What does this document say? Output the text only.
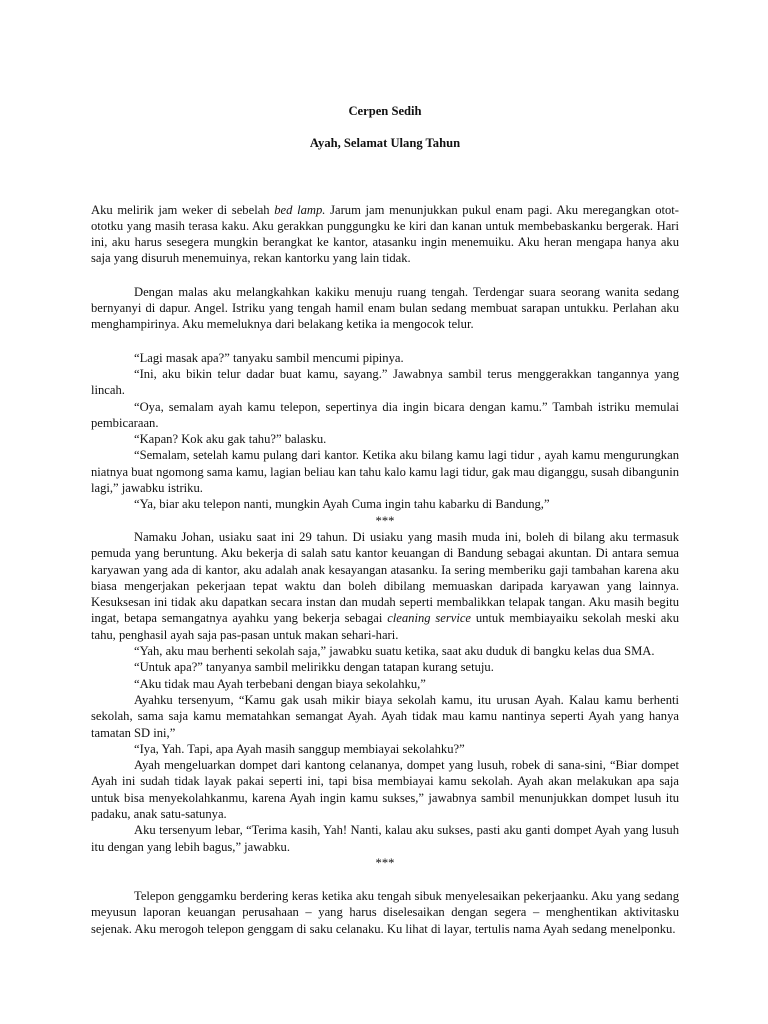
Cerpen Sedih

Ayah, Selamat Ulang Tahun

Aku melirik jam weker di sebelah bed lamp. Jarum jam menunjukkan pukul enam pagi. Aku meregangkan otot-ototku yang masih terasa kaku. Aku gerakkan punggungku ke kiri dan kanan untuk membebaskanku bergerak. Hari ini, aku harus sesegera mungkin berangkat ke kantor, atasanku ingin menemuiku. Aku heran mengapa hanya aku saja yang disuruh menemuinya, rekan kantorku yang lain tidak.

Dengan malas aku melangkahkan kakiku menuju ruang tengah. Terdengar suara seorang wanita sedang bernyanyi di dapur. Angel. Istriku yang tengah hamil enam bulan sedang membuat sarapan untukku. Perlahan aku menghampirinya. Aku memeluknya dari belakang ketika ia mengocok telur.

“Lagi masak apa?” tanyaku sambil mencumi pipinya.

“Ini, aku bikin telur dadar buat kamu, sayang.” Jawabnya sambil terus menggerakkan tangannya yang lincah.

“Oya, semalam ayah kamu telepon, sepertinya dia ingin bicara dengan kamu.” Tambah istriku memulai pembicaraan.

“Kapan? Kok aku gak tahu?” balasku.

“Semalam, setelah kamu pulang dari kantor. Ketika aku bilang kamu lagi tidur , ayah kamu mengurungkan niatnya buat ngomong sama kamu, lagian beliau kan tahu kalo kamu lagi tidur, gak mau diganggu, susah dibangunin lagi,” jawabku istriku.

“Ya, biar aku telepon nanti, mungkin Ayah Cuma ingin tahu kabarku di Bandung,”

***

Namaku Johan, usiaku saat ini 29 tahun. Di usiaku yang masih muda ini, boleh di bilang aku termasuk pemuda yang beruntung. Aku bekerja di salah satu kantor keuangan di Bandung sebagai akuntan. Di antara semua karyawan yang ada di kantor, aku adalah anak kesayangan atasanku. Ia sering memberiku gaji tambahan karena aku biasa mengerjakan pekerjaan tepat waktu dan boleh dibilang memuaskan daripada karyawan yang lainnya. Kesuksesan ini tidak aku dapatkan secara instan dan mudah seperti membalikkan telapak tangan. Aku masih begitu ingat, betapa semangatnya ayahku yang bekerja sebagai cleaning service untuk membiayaiku sekolah meski aku tahu, penghasil ayah saja pas-pasan untuk makan sehari-hari.

“Yah, aku mau berhenti sekolah saja,” jawabku suatu ketika, saat aku duduk di bangku kelas dua SMA.

“Untuk apa?” tanyanya sambil melirikku dengan tatapan kurang setuju.

“Aku tidak mau Ayah terbebani dengan biaya sekolahku,”

Ayahku tersenyum, “Kamu gak usah mikir biaya sekolah kamu, itu urusan Ayah. Kalau kamu berhenti sekolah, sama saja kamu mematahkan semangat Ayah. Ayah tidak mau kamu nantinya seperti Ayah yang hanya tamatan SD ini,”

“Iya, Yah. Tapi, apa Ayah masih sanggup membiayai sekolahku?”

Ayah mengeluarkan dompet dari kantong celananya, dompet yang lusuh, robek di sana-sini, “Biar dompet Ayah ini sudah tidak layak pakai seperti ini, tapi bisa membiayai kamu sekolah. Ayah akan melakukan apa saja untuk bisa menyekolahkanmu, karena Ayah ingin kamu sukses,” jawabnya sambil menunjukkan dompet lusuh itu padaku, anak satu-satunya.

Aku tersenyum lebar, “Terima kasih, Yah! Nanti, kalau aku sukses, pasti aku ganti dompet Ayah yang lusuh itu dengan yang lebih bagus,” jawabku.

***

Telepon genggamku berdering keras ketika aku tengah sibuk menyelesaikan pekerjaanku. Aku yang sedang meyusun laporan keuangan perusahaan – yang harus diselesaikan dengan segera – menghentikan aktivitasku sejenak. Aku merogoh telepon genggam di saku celanaku. Ku lihat di layar, tertulis nama Ayah sedang menelponku.
